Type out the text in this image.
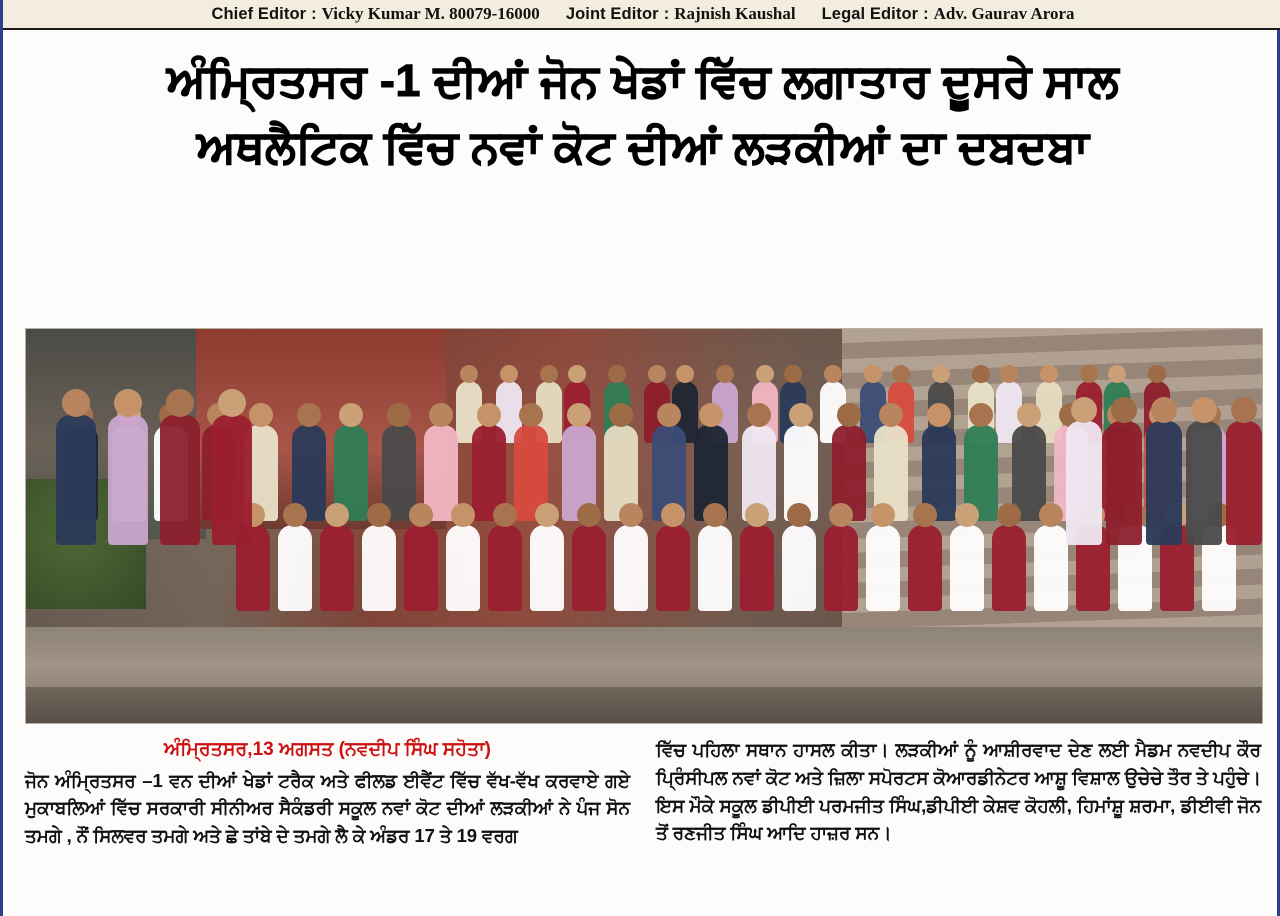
Chief Editor : Vicky Kumar M. 80079-16000 Joint Editor : Rajnish Kaushal Legal Editor : Adv. Gaurav Arora
ਅੰਮ੍ਰਿਤਸਰ -1 ਦੀਆਂ ਜੋਨ ਖੇਡਾਂ ਵਿੱਚ ਲਗਾਤਾਰ ਦੂਸਰੇ ਸਾਲ
ਅਥਲੈਟਿਕ ਵਿੱਚ ਨਵਾਂ ਕੋਟ ਦੀਆਂ ਲੜਕੀਆਂ ਦਾ ਦਬਦਬਾ
ਅੰਮ੍ਰਿਤਸਰ,13 ਅਗਸਤ (ਨਵਦੀਪ ਸਿੰਘ ਸਹੋਤਾ)
ਜੋਨ ਅੰਮ੍ਰਿਤਸਰ –1 ਵਨ ਦੀਆਂ ਖੇਡਾਂ ਟਰੈਕ ਅਤੇ ਫੀਲਡ ਈਵੈਂਟ ਵਿੱਚ ਵੱਖ-ਵੱਖ ਕਰਵਾਏ ਗਏ ਮੁਕਾਬਲਿਆਂ ਵਿੱਚ ਸਰਕਾਰੀ ਸੀਨੀਅਰ ਸੈਕੰਡਰੀ ਸਕੂਲ ਨਵਾਂ ਕੋਟ ਦੀਆਂ ਲੜਕੀਆਂ ਨੇ ਪੰਜ ਸੋਨ ਤਮਗੇ , ਨੌਂ ਸਿਲਵਰ ਤਮਗੇ ਅਤੇ ਛੇ ਤਾਂਬੇ ਦੇ ਤਮਗੇ ਲੈ ਕੇ ਅੰਡਰ 17 ਤੇ 19 ਵਰਗ
ਵਿੱਚ ਪਹਿਲਾ ਸਥਾਨ ਹਾਸਲ ਕੀਤਾ। ਲੜਕੀਆਂ ਨੂੰ ਆਸ਼ੀਰਵਾਦ ਦੇਣ ਲਈ ਮੈਡਮ ਨਵਦੀਪ ਕੌਰ ਪ੍ਰਿੰਸੀਪਲ ਨਵਾਂ ਕੋਟ ਅਤੇ ਜ਼ਿਲਾ ਸਪੋਰਟਸ ਕੋਆਰਡੀਨੇਟਰ ਆਸ਼ੂ ਵਿਸ਼ਾਲ ਉਚੇਚੇ ਤੌਰ ਤੇ ਪਹੁੰਚੇ। ਇਸ ਮੌਕੇ ਸਕੂਲ ਡੀਪੀਈ ਪਰਮਜੀਤ ਸਿੰਘ,ਡੀਪੀਈ ਕੇਸ਼ਵ ਕੋਹਲੀ, ਹਿਮਾਂਸ਼ੂ ਸ਼ਰਮਾ, ਡੀਈਵੀ ਜੋਨ ਤੋਂ ਰਣਜੀਤ ਸਿੰਘ ਆਦਿ ਹਾਜ਼ਰ ਸਨ।
